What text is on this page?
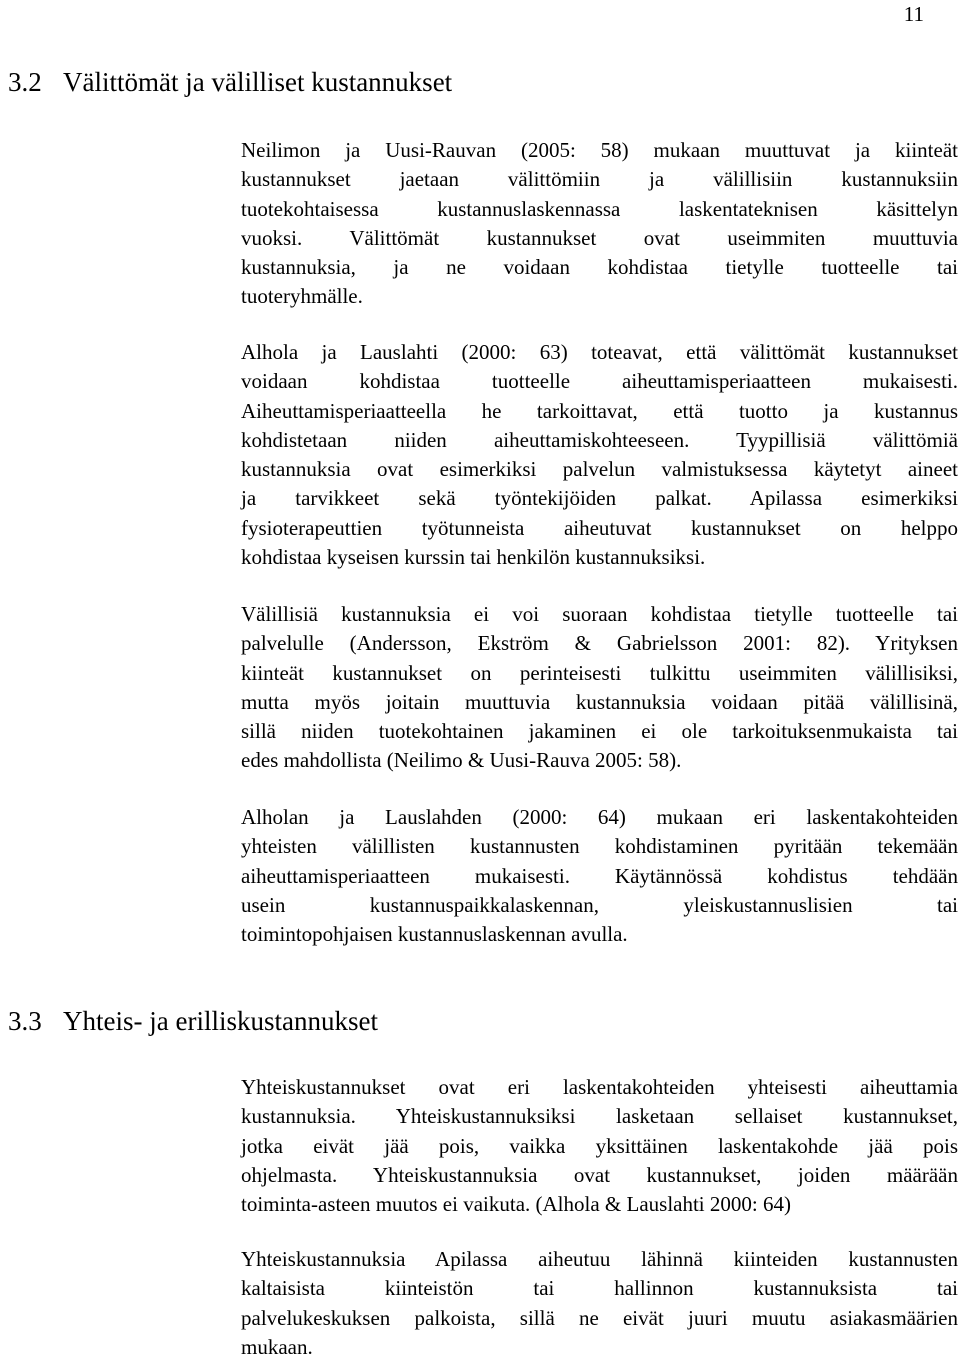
11
3.2 Välittömät ja välilliset kustannukset
Neilimon ja Uusi-Rauvan (2005: 58) mukaan muuttuvat ja kiinteät
kustannukset jaetaan välittömiin ja välillisiin kustannuksiin
tuotekohtaisessa kustannuslaskennassa laskentateknisen käsittelyn
vuoksi. Välittömät kustannukset ovat useimmiten muuttuvia
kustannuksia, ja ne voidaan kohdistaa tietylle tuotteelle tai
tuoteryhmälle.
Alhola ja Lauslahti (2000: 63) toteavat, että välittömät kustannukset
voidaan kohdistaa tuotteelle aiheuttamisperiaatteen mukaisesti.
Aiheuttamisperiaatteella he tarkoittavat, että tuotto ja kustannus
kohdistetaan niiden aiheuttamiskohteeseen. Tyypillisiä välittömiä
kustannuksia ovat esimerkiksi palvelun valmistuksessa käytetyt aineet
ja tarvikkeet sekä työntekijöiden palkat. Apilassa esimerkiksi
fysioterapeuttien työtunneista aiheutuvat kustannukset on helppo
kohdistaa kyseisen kurssin tai henkilön kustannuksiksi.
Välillisiä kustannuksia ei voi suoraan kohdistaa tietylle tuotteelle tai
palvelulle (Andersson, Ekström & Gabrielsson 2001: 82). Yrityksen
kiinteät kustannukset on perinteisesti tulkittu useimmiten välillisiksi,
mutta myös joitain muuttuvia kustannuksia voidaan pitää välillisinä,
sillä niiden tuotekohtainen jakaminen ei ole tarkoituksenmukaista tai
edes mahdollista (Neilimo & Uusi-Rauva 2005: 58).
Alholan ja Lauslahden (2000: 64) mukaan eri laskentakohteiden
yhteisten välillisten kustannusten kohdistaminen pyritään tekemään
aiheuttamisperiaatteen mukaisesti. Käytännössä kohdistus tehdään
usein kustannuspaikkalaskennan, yleiskustannuslisien tai
toimintopohjaisen kustannuslaskennan avulla.
3.3 Yhteis- ja erilliskustannukset
Yhteiskustannukset ovat eri laskentakohteiden yhteisesti aiheuttamia
kustannuksia. Yhteiskustannuksiksi lasketaan sellaiset kustannukset,
jotka eivät jää pois, vaikka yksittäinen laskentakohde jää pois
ohjelmasta. Yhteiskustannuksia ovat kustannukset, joiden määrään
toiminta-asteen muutos ei vaikuta. (Alhola & Lauslahti 2000: 64)
Yhteiskustannuksia Apilassa aiheutuu lähinnä kiinteiden kustannusten
kaltaisista kiinteistön tai hallinnon kustannuksista tai
palvelukeskuksen palkoista, sillä ne eivät juuri muutu asiakasmäärien
mukaan.
